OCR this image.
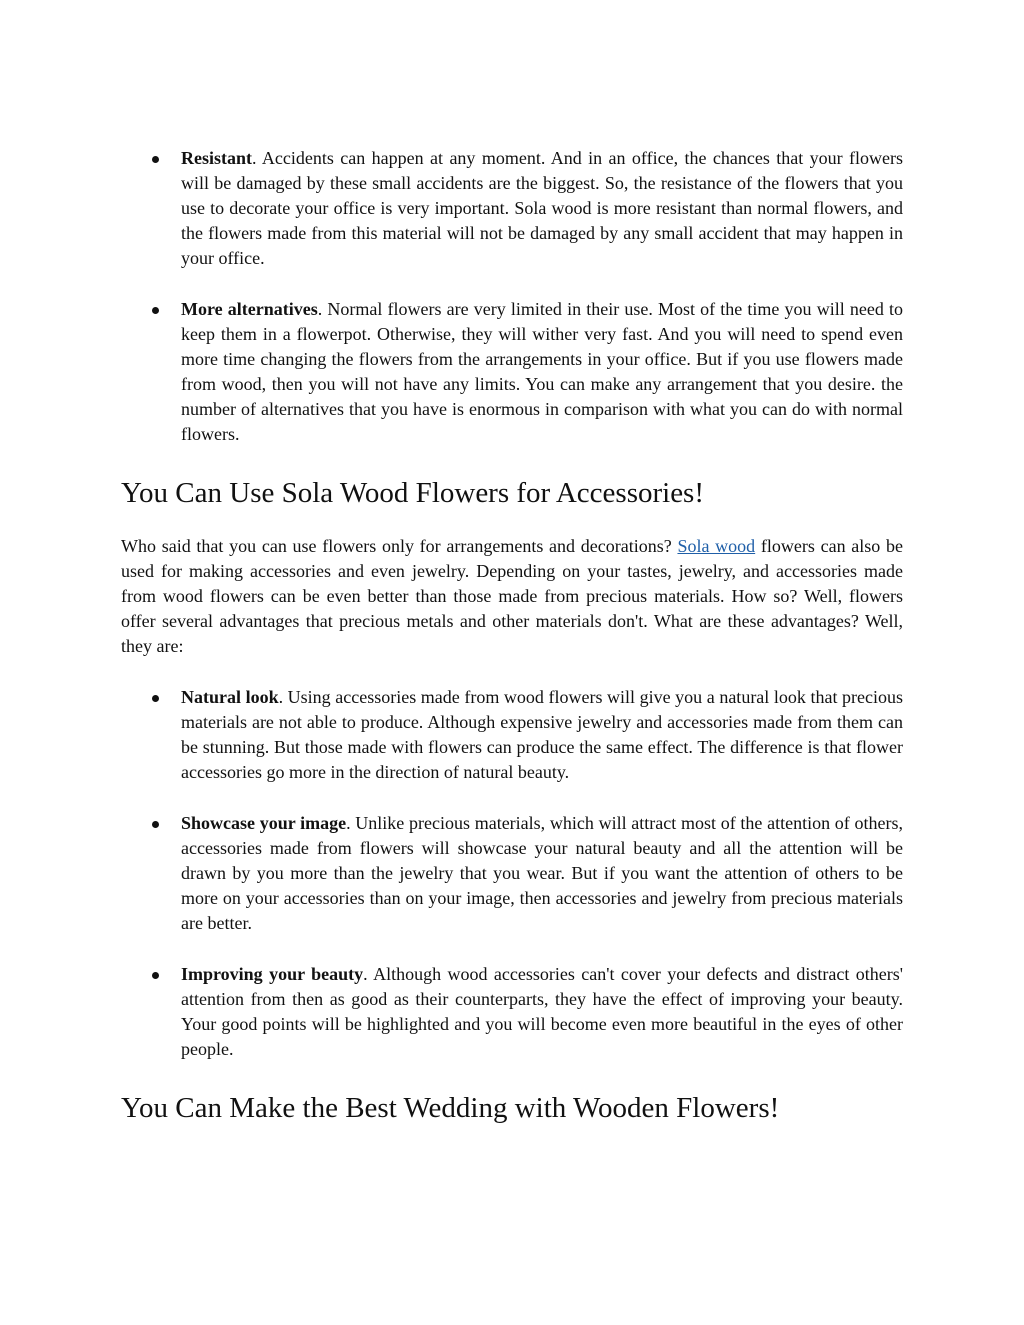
Resistant. Accidents can happen at any moment. And in an office, the chances that your flowers will be damaged by these small accidents are the biggest. So, the resistance of the flowers that you use to decorate your office is very important. Sola wood is more resistant than normal flowers, and the flowers made from this material will not be damaged by any small accident that may happen in your office.

More alternatives. Normal flowers are very limited in their use. Most of the time you will need to keep them in a flowerpot. Otherwise, they will wither very fast. And you will need to spend even more time changing the flowers from the arrangements in your office. But if you use flowers made from wood, then you will not have any limits. You can make any arrangement that you desire. the number of alternatives that you have is enormous in comparison with what you can do with normal flowers.

You Can Use Sola Wood Flowers for Accessories!

Who said that you can use flowers only for arrangements and decorations? Sola wood flowers can also be used for making accessories and even jewelry. Depending on your tastes, jewelry, and accessories made from wood flowers can be even better than those made from precious materials. How so? Well, flowers offer several advantages that precious metals and other materials don't. What are these advantages? Well, they are:

Natural look. Using accessories made from wood flowers will give you a natural look that precious materials are not able to produce. Although expensive jewelry and accessories made from them can be stunning. But those made with flowers can produce the same effect. The difference is that flower accessories go more in the direction of natural beauty.

Showcase your image. Unlike precious materials, which will attract most of the attention of others, accessories made from flowers will showcase your natural beauty and all the attention will be drawn by you more than the jewelry that you wear. But if you want the attention of others to be more on your accessories than on your image, then accessories and jewelry from precious materials are better.

Improving your beauty. Although wood accessories can't cover your defects and distract others' attention from then as good as their counterparts, they have the effect of improving your beauty. Your good points will be highlighted and you will become even more beautiful in the eyes of other people.

You Can Make the Best Wedding with Wooden Flowers!
